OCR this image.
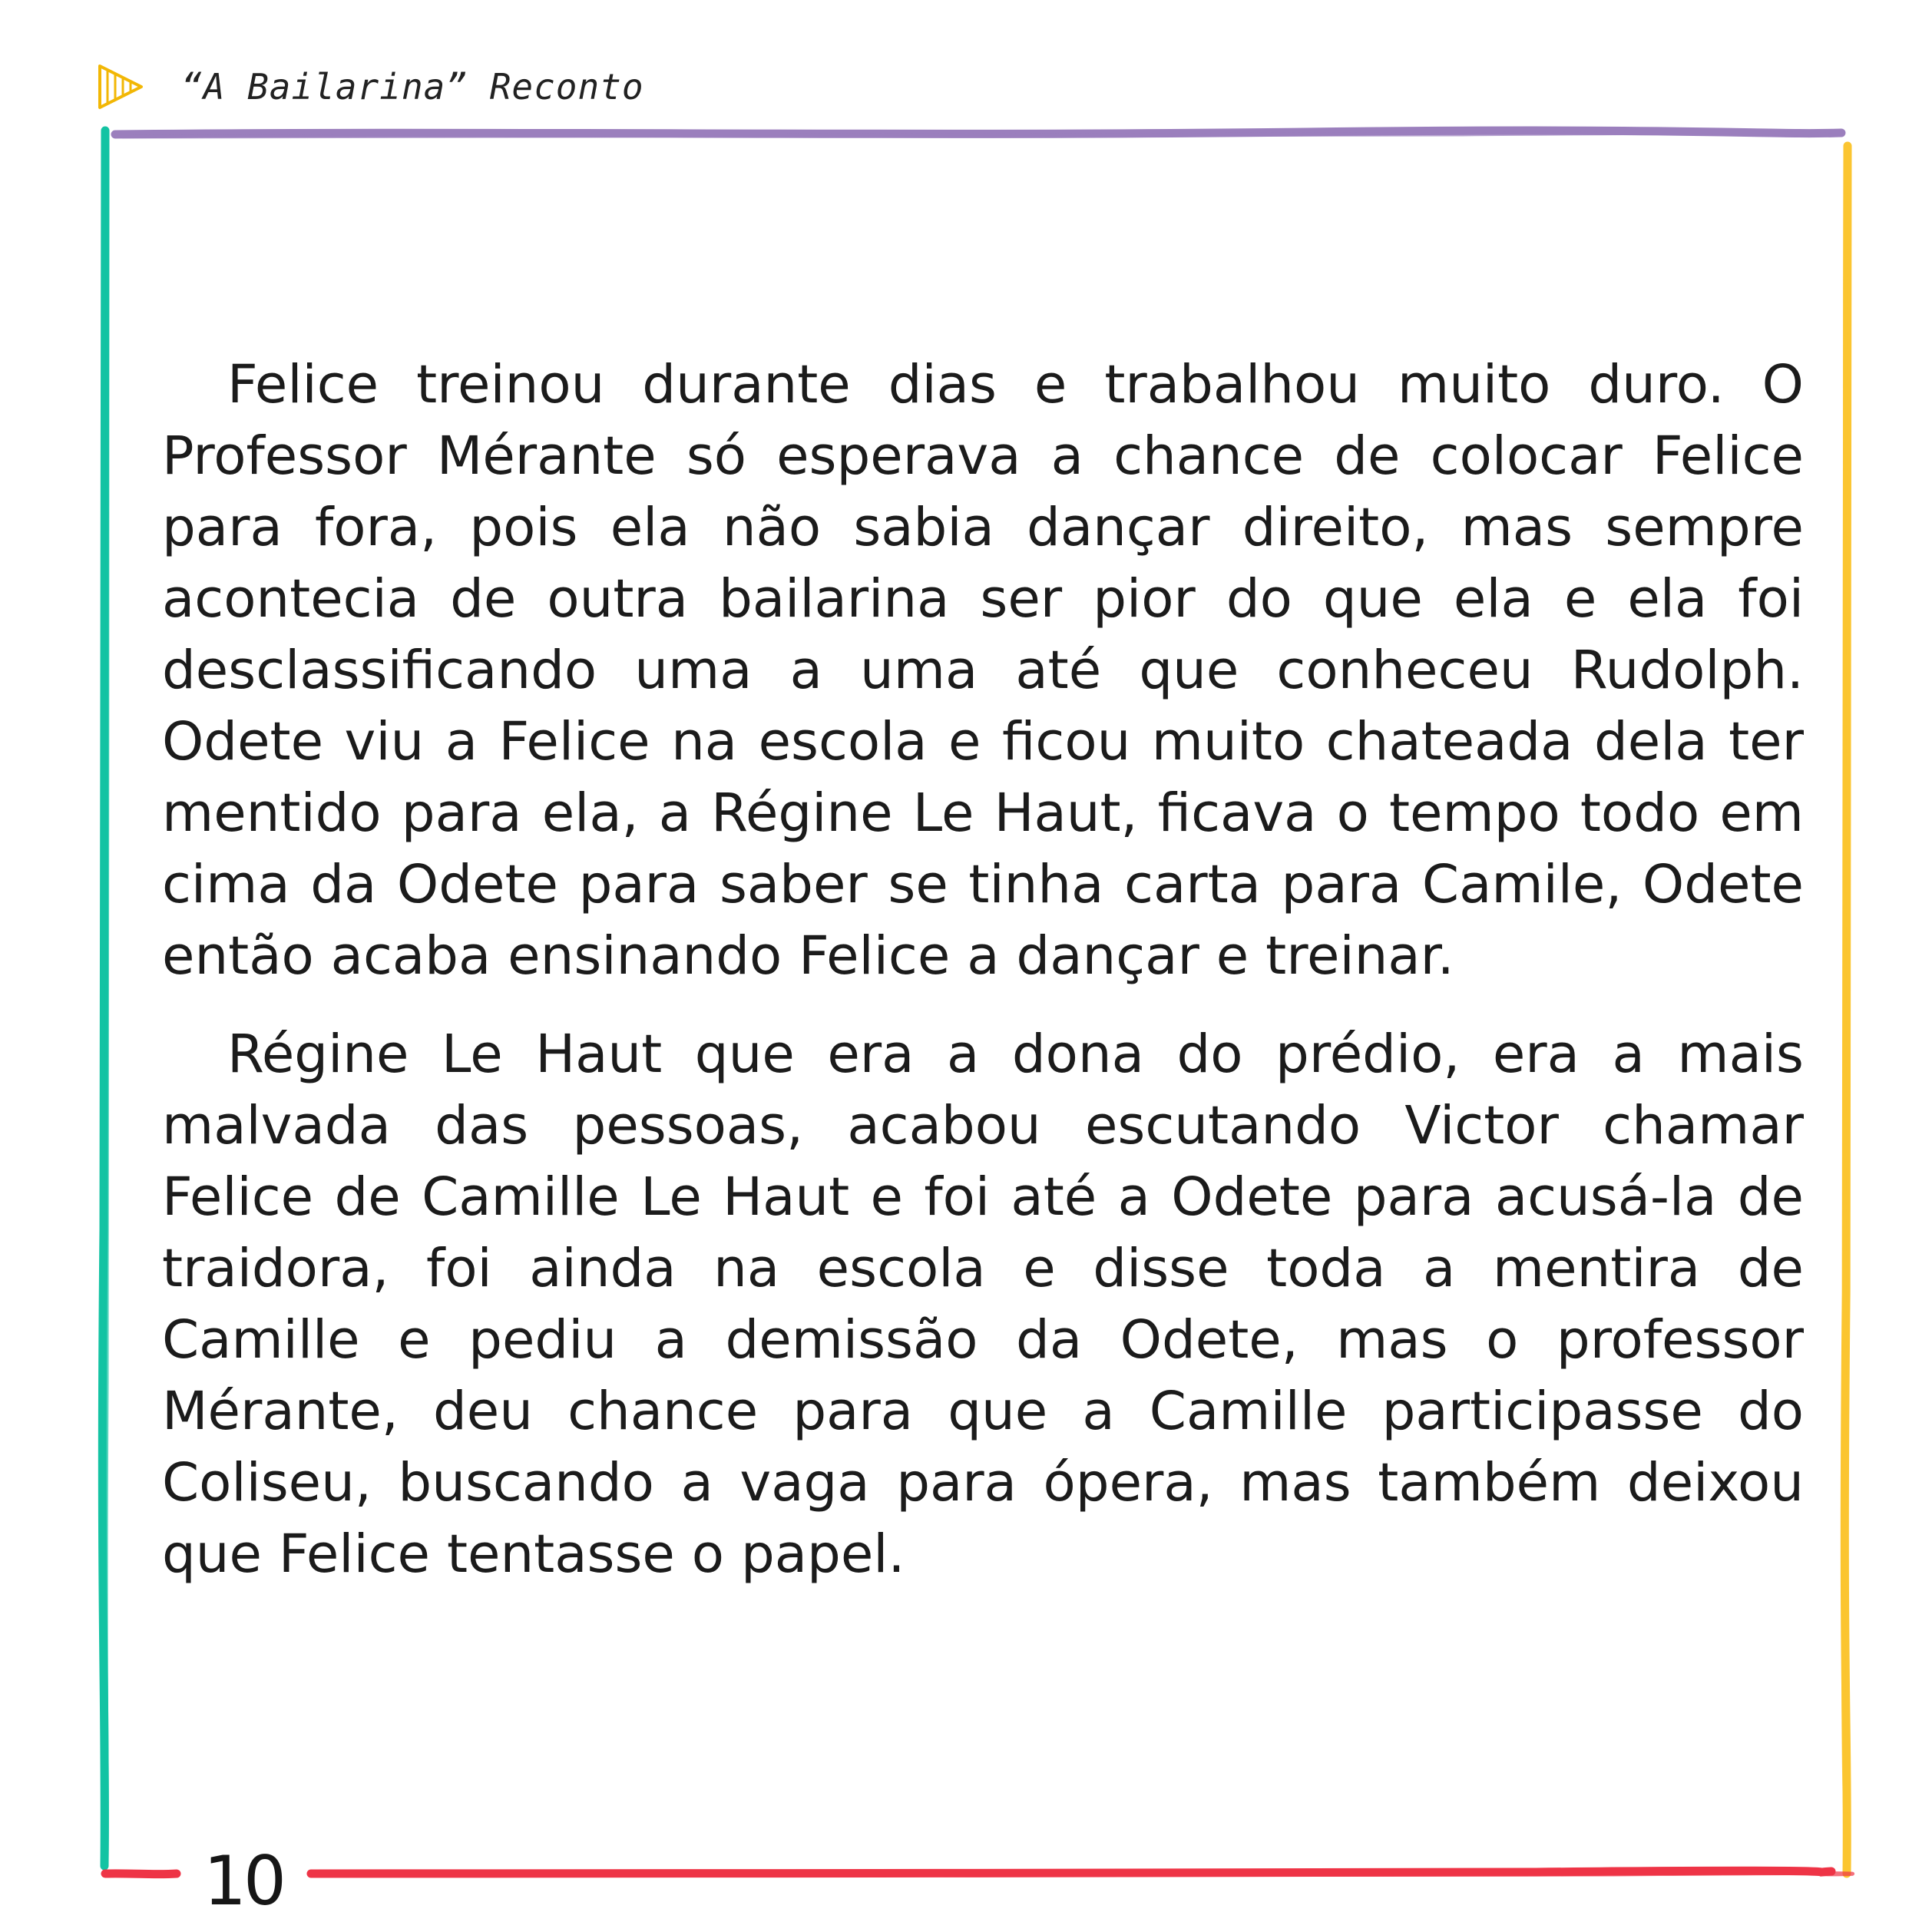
“A Bailarina” Reconto

Felice treinou durante dias e trabalhou muito duro. O Professor Mérante só esperava a chance de colocar Felice para fora, pois ela não sabia dançar direito, mas sempre acontecia de outra bailarina ser pior do que ela e ela foi desclassificando uma a uma até que conheceu Rudolph. Odete viu a Felice na escola e ficou muito chateada dela ter mentido para ela, a Régine Le Haut, ficava o tempo todo em cima da Odete para saber se tinha carta para Camile, Odete então acaba ensinando Felice a dançar e treinar.

Régine Le Haut que era a dona do prédio, era a mais malvada das pessoas, acabou escutando Victor chamar Felice de Camille Le Haut e foi até a Odete para acusá-la de traidora, foi ainda na escola e disse toda a mentira de Camille e pediu a demissão da Odete, mas o professor Mérante, deu chance para que a Camille participasse do Coliseu, buscando a vaga para ópera, mas também deixou que Felice tentasse o papel.

10
